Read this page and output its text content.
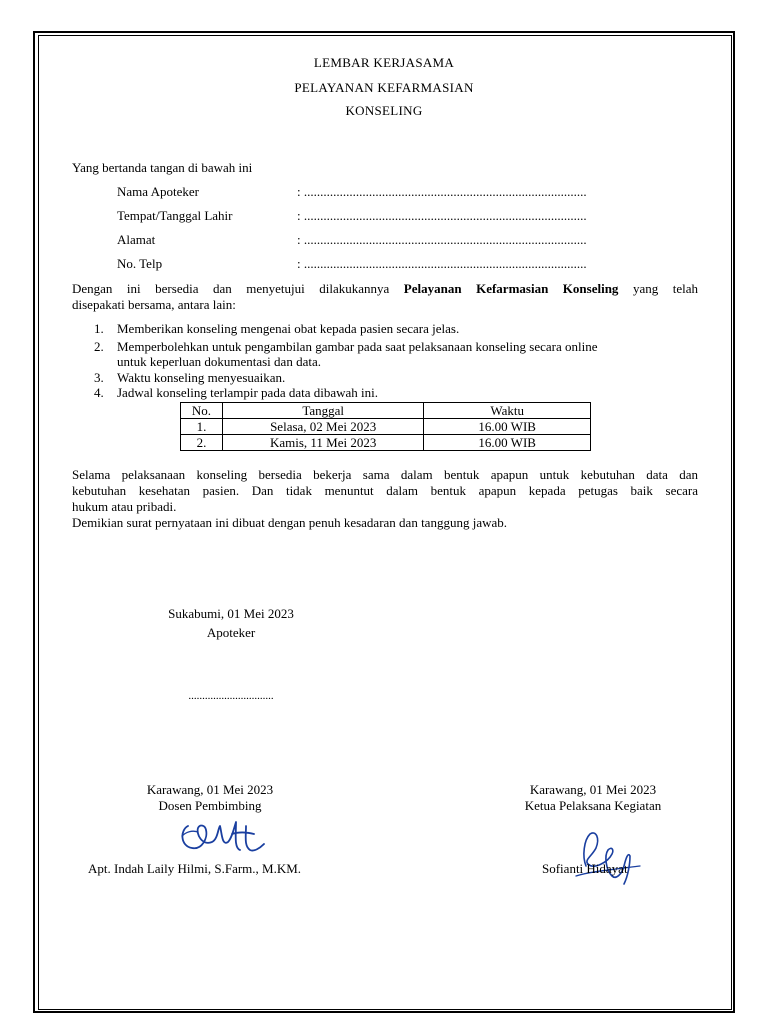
LEMBAR KERJASAMA
PELAYANAN KEFARMASIAN
KONSELING
Yang bertanda tangan di bawah ini
Nama Apoteker	: .......................................................................................
Tempat/Tanggal Lahir	: .......................................................................................
Alamat	: .......................................................................................
No. Telp	: .......................................................................................
Dengan ini bersedia dan menyetujui dilakukannya Pelayanan Kefarmasian Konseling yang telah
disepakati bersama, antara lain:
1. Memberikan konseling mengenai obat kepada pasien secara jelas.
2. Memperbolehkan untuk pengambilan gambar pada saat pelaksanaan konseling secara online
untuk keperluan dokumentasi dan data.
3. Waktu konseling menyesuaikan.
4. Jadwal konseling terlampir pada data dibawah ini.
No.	Tanggal	Waktu
1.	Selasa, 02 Mei 2023	16.00 WIB
2.	Kamis, 11 Mei 2023	16.00 WIB
Selama pelaksanaan konseling bersedia bekerja sama dalam bentuk apapun untuk kebutuhan data dan
kebutuhan kesehatan pasien. Dan tidak menuntut dalam bentuk apapun kepada petugas baik secara
hukum atau pribadi.
Demikian surat pernyataan ini dibuat dengan penuh kesadaran dan tanggung jawab.
Sukabumi, 01 Mei 2023
Apoteker
...............................
Karawang, 01 Mei 2023
Dosen Pembimbing
Apt. Indah Laily Hilmi, S.Farm., M.KM.
Karawang, 01 Mei 2023
Ketua Pelaksana Kegiatan
Sofianti Hidayat
